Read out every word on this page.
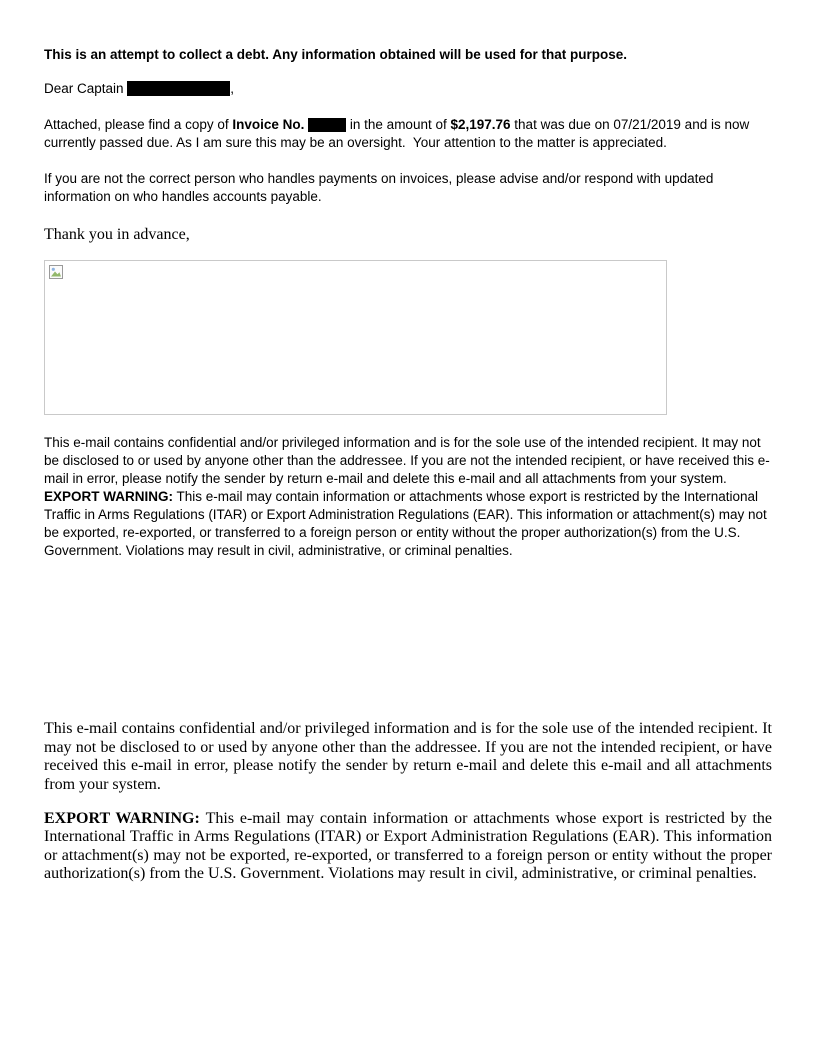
This is an attempt to collect a debt. Any information obtained will be used for that purpose.

Dear Captain	,

Attached, please find a copy of Invoice No.	in the amount of $2,197.76 that was due on 07/21/2019 and is now currently passed due. As I am sure this may be an oversight.  Your attention to the matter is appreciated.

If you are not the correct person who handles payments on invoices, please advise and/or respond with updated information on who handles accounts payable.

Thank you in advance,

This e-mail contains confidential and/or privileged information and is for the sole use of the intended recipient. It may not be disclosed to or used by anyone other than the addressee. If you are not the intended recipient, or have received this e-mail in error, please notify the sender by return e-mail and delete this e-mail and all attachments from your system. EXPORT WARNING: This e-mail may contain information or attachments whose export is restricted by the International Traffic in Arms Regulations (ITAR) or Export Administration Regulations (EAR). This information or attachment(s) may not be exported, re-exported, or transferred to a foreign person or entity without the proper authorization(s) from the U.S. Government. Violations may result in civil, administrative, or criminal penalties.

This e-mail contains confidential and/or privileged information and is for the sole use of the intended recipient. It may not be disclosed to or used by anyone other than the addressee. If you are not the intended recipient, or have received this e-mail in error, please notify the sender by return e-mail and delete this e-mail and all attachments from your system.

EXPORT WARNING: This e-mail may contain information or attachments whose export is restricted by the International Traffic in Arms Regulations (ITAR) or Export Administration Regulations (EAR). This information or attachment(s) may not be exported, re-exported, or transferred to a foreign person or entity without the proper authorization(s) from the U.S. Government. Violations may result in civil, administrative, or criminal penalties.
